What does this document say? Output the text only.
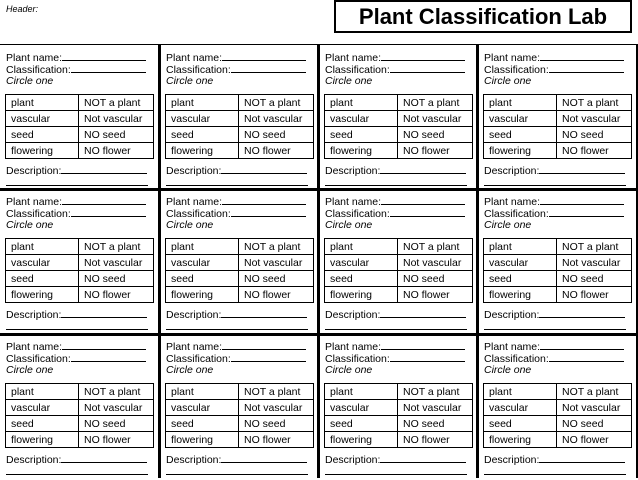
Header:	Plant Classification Lab
Plant name:
Classification:
Circle one
plant	NOT a plant
vascular	Not vascular
seed	NO seed
flowering	NO flower
Description:
Plant name:
Classification:
Circle one
plant	NOT a plant
vascular	Not vascular
seed	NO seed
flowering	NO flower
Description:
Plant name:
Classification:
Circle one
plant	NOT a plant
vascular	Not vascular
seed	NO seed
flowering	NO flower
Description:
Plant name:
Classification:
Circle one
plant	NOT a plant
vascular	Not vascular
seed	NO seed
flowering	NO flower
Description:
Plant name:
Classification:
Circle one
plant	NOT a plant
vascular	Not vascular
seed	NO seed
flowering	NO flower
Description:
Plant name:
Classification:
Circle one
plant	NOT a plant
vascular	Not vascular
seed	NO seed
flowering	NO flower
Description:
Plant name:
Classification:
Circle one
plant	NOT a plant
vascular	Not vascular
seed	NO seed
flowering	NO flower
Description:
Plant name:
Classification:
Circle one
plant	NOT a plant
vascular	Not vascular
seed	NO seed
flowering	NO flower
Description:
Plant name:
Classification:
Circle one
plant	NOT a plant
vascular	Not vascular
seed	NO seed
flowering	NO flower
Description:
Plant name:
Classification:
Circle one
plant	NOT a plant
vascular	Not vascular
seed	NO seed
flowering	NO flower
Description:
Plant name:
Classification:
Circle one
plant	NOT a plant
vascular	Not vascular
seed	NO seed
flowering	NO flower
Description:
Plant name:
Classification:
Circle one
plant	NOT a plant
vascular	Not vascular
seed	NO seed
flowering	NO flower
Description:
